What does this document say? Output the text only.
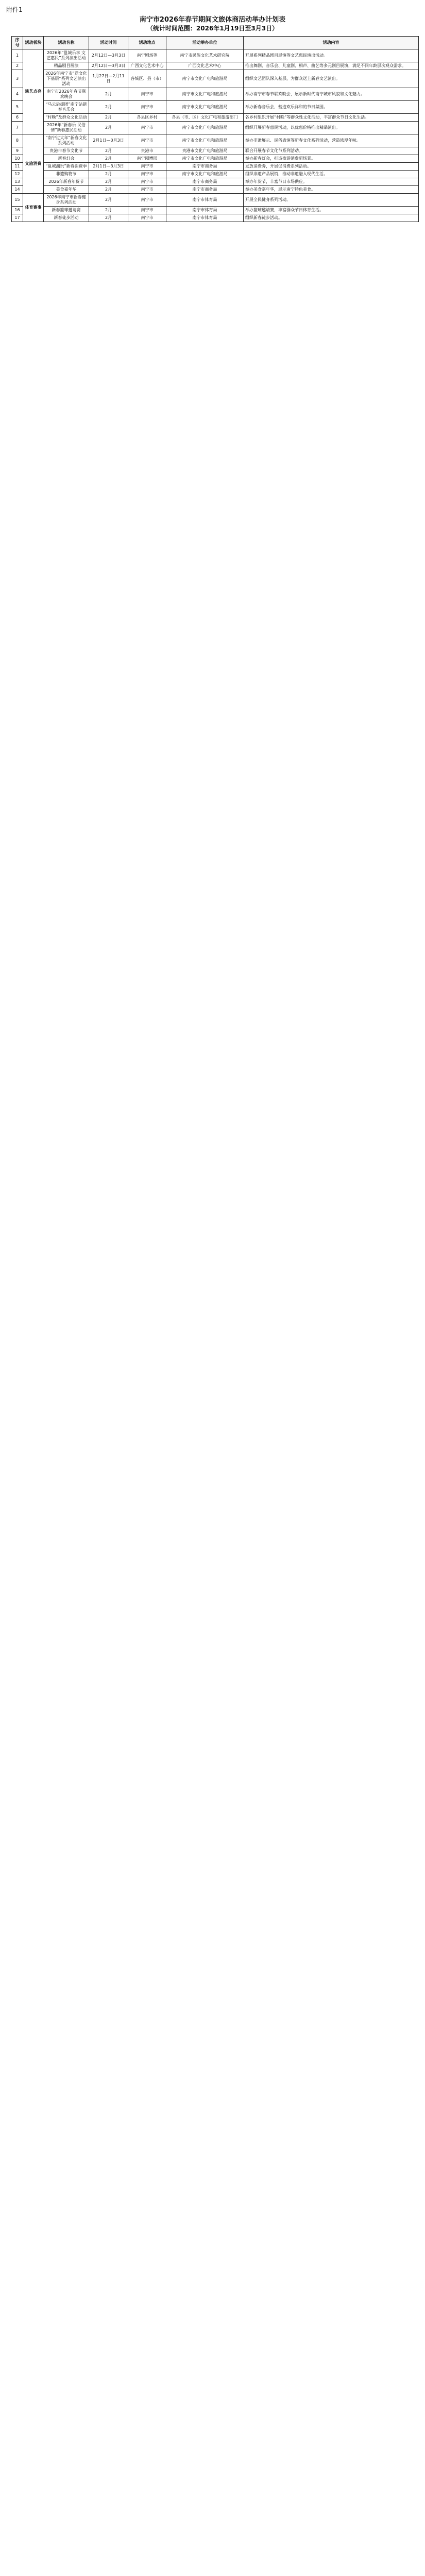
附件1
南宁市2026年春节期间文旅体商活动举办计划表
（统计时间范围：2026年1月19日至3月3日）
序号	活动板块	活动名称	活动时间	活动地点	活动举办单位	活动内容
1	演艺点亮	2026年“邕城乐享 文艺惠民”系列演出活动	2月12日—3月3日	南宁剧场等	南宁市民族文化艺术研究院	开展系列精品剧目展演等文艺惠民演出活动。
2		精品剧目展演	2月12日—3月3日	广西文化艺术中心	广西文化艺术中心	推出舞剧、音乐会、儿童剧、相声、曲艺等多元剧目展演，满足不同年龄层次观众需求。
3		2026年南宁市“送文化下基层”系列文艺演出活动	1月27日—2月11日	各城区、县（市）	南宁市文化广电和旅游局	组织文艺团队深入基层，为群众送上新春文艺演出。
4		南宁市2026年春节联欢晚会	2月	南宁市	南宁市文化广电和旅游局	举办南宁市春节联欢晚会，展示新时代南宁城市风貌和文化魅力。
5		“马云后援团”南宁站新春音乐会	2月	南宁市	南宁市文化广电和旅游局	举办新春音乐会，营造欢乐祥和的节日氛围。
6		“村晚”及群众文化活动	2月	各县区乡村	各县（市、区）文化广电和旅游部门	各乡村组织开展“村晚”等群众性文化活动，丰富群众节日文化生活。
7		2026年“新春乐 民俗情”新春惠民活动	2月	南宁市	南宁市文化广电和旅游局	组织开展新春惠民活动，以优惠价格推出精品演出。
8	文旅消费	“南宁过大年”新春文化系列活动	2月1日—3月3日	南宁市	南宁市文化广电和旅游局	举办非遗展示、民俗表演等新春文化系列活动，营造浓厚年味。
9		贵港市春节文化节	2月	贵港市	贵港市文化广电和旅游局	联合开展春节文化节系列活动。
10		新春灯会	2月	南宁园博园	南宁市文化广电和旅游局	举办新春灯会，打造夜游消费新场景。
11		“邕城潮玩”新春消费季	2月1日—3月3日	南宁市	南宁市商务局	发放消费券，开展促消费系列活动。
12		非遗购物节	2月	南宁市	南宁市文化广电和旅游局	组织非遗产品展销，推动非遗融入现代生活。
13		2026年新春年货节	2月	南宁市	南宁市商务局	举办年货节，丰富节日市场供应。
14		美食嘉年华	2月	南宁市	南宁市商务局	举办美食嘉年华，展示南宁特色美食。
15	体育赛事	2026年南宁市新春健身系列活动	2月	南宁市	南宁市体育局	开展全民健身系列活动。
16		新春篮球邀请赛	2月	南宁市	南宁市体育局	举办篮球邀请赛，丰富群众节日体育生活。
17		新春徒步活动	2月	南宁市	南宁市体育局	组织新春徒步活动。
